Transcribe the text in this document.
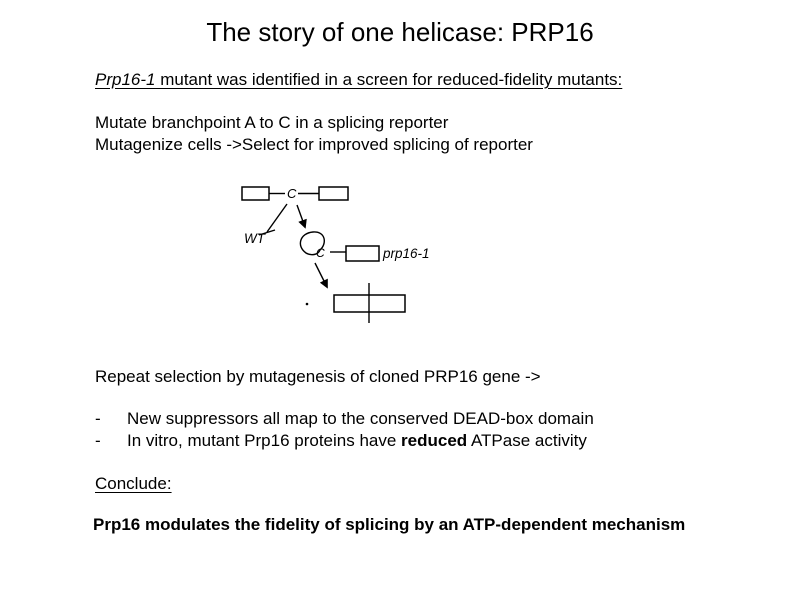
The story of one helicase: PRP16
Prp16-1 mutant was identified in a screen for reduced-fidelity mutants:
Mutate branchpoint A to C in a splicing reporter
Mutagenize cells ->Select for improved splicing of reporter
C
WT
C	prp16-1
Repeat selection by mutagenesis of cloned PRP16 gene ->
-	New suppressors all map to the conserved DEAD-box domain
-	In vitro, mutant Prp16 proteins have reduced ATPase activity
Conclude:
Prp16 modulates the fidelity of splicing by an ATP-dependent mechanism
